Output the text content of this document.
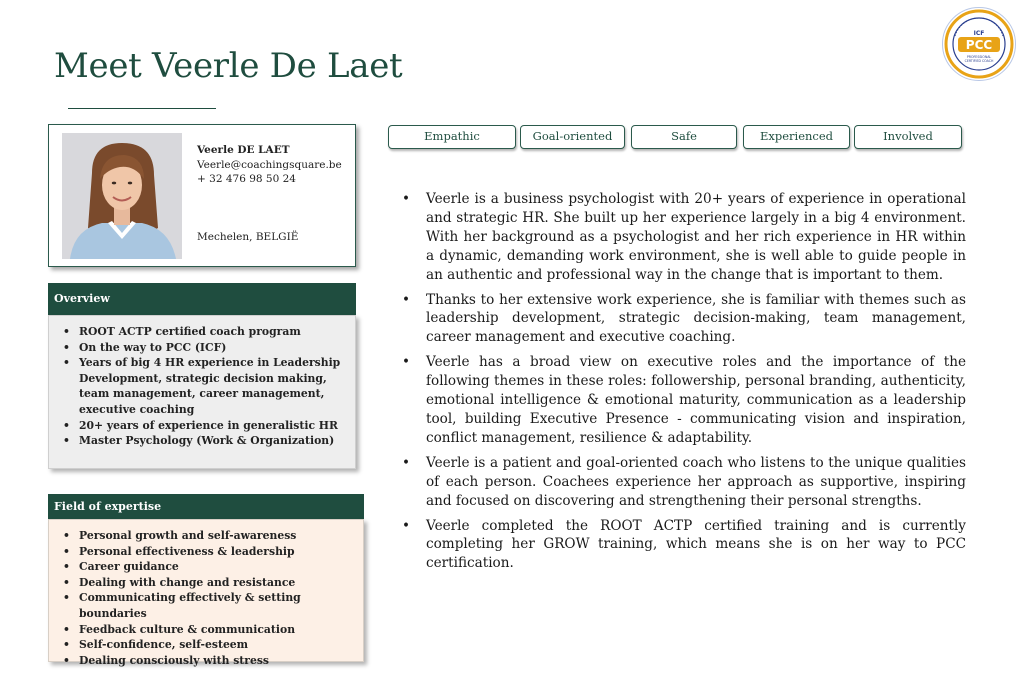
Meet Veerle De Laet
ICF
PCC
PROFESSIONAL
CERTIFIED COACH
Veerle DE LAET
Veerle@coachingsquare.be
+ 32 476 98 50 24
Mechelen, BELGIË
Overview
• ROOT ACTP certified coach program
• On the way to PCC (ICF)
• Years of big 4 HR experience in Leadership Development, strategic decision making, team management, career management, executive coaching
• 20+ years of experience in generalistic HR
• Master Psychology (Work & Organization)
Field of expertise
• Personal growth and self-awareness
• Personal effectiveness & leadership
• Career guidance
• Dealing with change and resistance
• Communicating effectively & setting boundaries
• Feedback culture & communication
• Self-confidence, self-esteem
• Dealing consciously with stress
Empathic	Goal-oriented	Safe	Experienced	Involved
• Veerle is a business psychologist with 20+ years of experience in operational and strategic HR. She built up her experience largely in a big 4 environment. With her background as a psychologist and her rich experience in HR within a dynamic, demanding work environment, she is well able to guide people in an authentic and professional way in the change that is important to them.
• Thanks to her extensive work experience, she is familiar with themes such as leadership development, strategic decision-making, team management, career management and executive coaching.
• Veerle has a broad view on executive roles and the importance of the following themes in these roles: followership, personal branding, authenticity, emotional intelligence & emotional maturity, communication as a leadership tool, building Executive Presence - communicating vision and inspiration, conflict management, resilience & adaptability.
• Veerle is a patient and goal-oriented coach who listens to the unique qualities of each person. Coachees experience her approach as supportive, inspiring and focused on discovering and strengthening their personal strengths.
• Veerle completed the ROOT ACTP certified training and is currently completing her GROW training, which means she is on her way to PCC certification.
